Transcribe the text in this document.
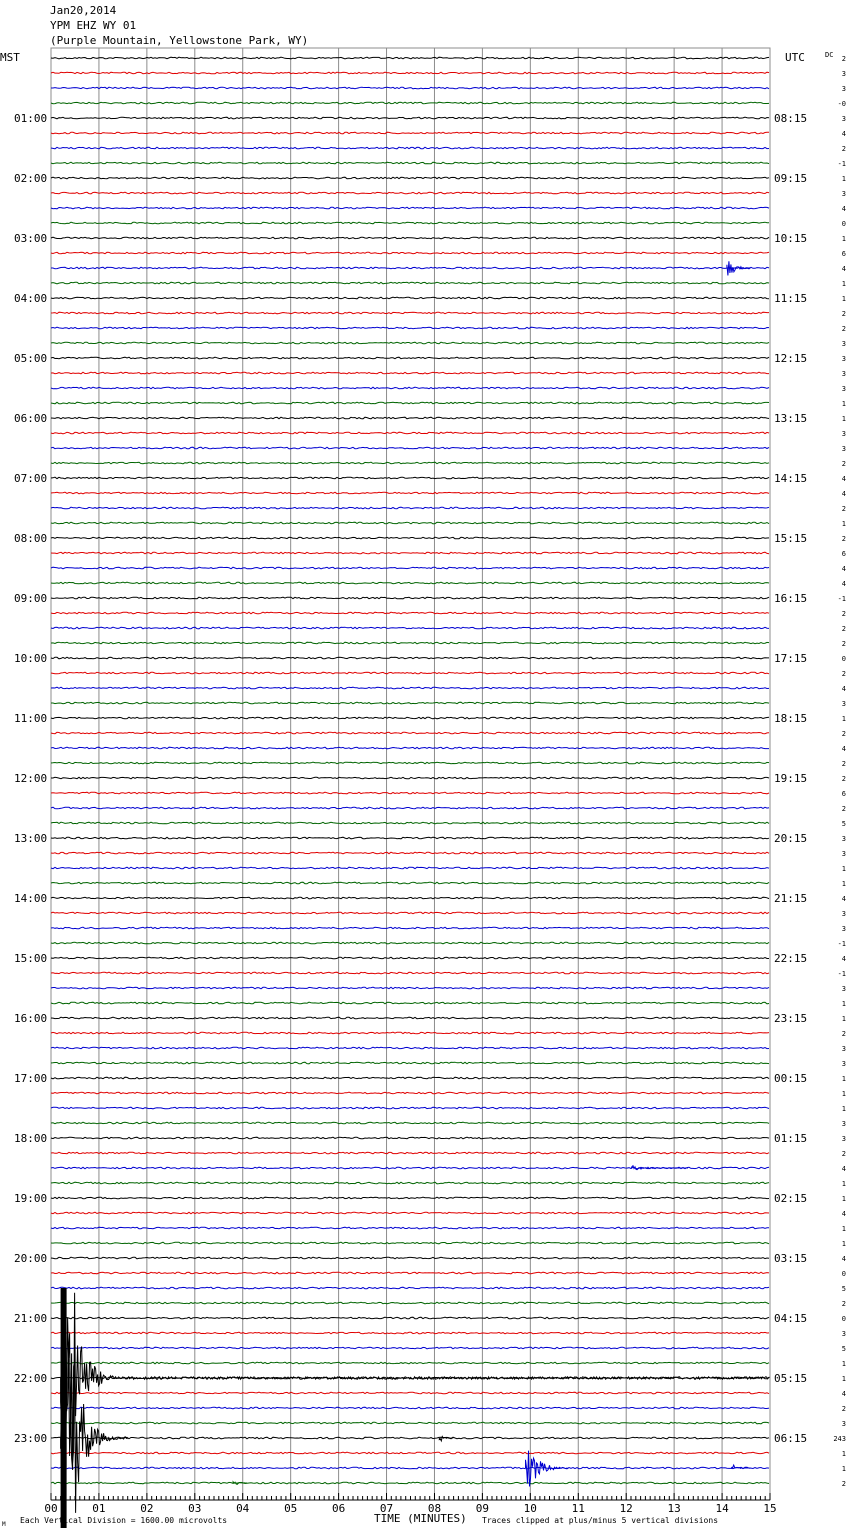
Jan20,2014
YPM EHZ WY 01
(Purple Mountain, Yellowstone Park, WY)
MST	UTC	DC
M Each Vertical Division = 1600.00 microvolts	TIME (MINUTES) Traces clipped at plus/minus 5 vertical divisions
01:00
02:00
03:00
04:00
05:00
06:00
07:00
08:00
09:00
10:00
11:00
12:00
13:00
14:00
15:00
16:00
17:00
18:00
19:00
20:00
21:00
22:00
23:00
08:15
09:15
10:15
11:15
12:15
13:15
14:15
15:15
16:15
17:15
18:15
19:15
20:15
21:15
22:15
23:15
00:15
01:15
02:15
03:15
04:15
05:15
06:15
2
3
3
-0
3
4
2
-1
1
3
4
0
1
6
4
1
1
2
2
3
3
3
3
1
1
3
3
2
4
4
2
1
2
6
4
4
-1
2
2
2
0
2
4
3
1
2
4
2
2
6
2
5
3
3
1
1
4
3
3
-1
4
-1
3
1
1
2
3
3
1
1
1
3
3
2
4
1
1
4
1
1
4
0
5
2
0
3
5
1
1
4
2
3
243
1
1
2
00	01	02	03	04	05	06	07	08	09	10	11	12	13	14	15
